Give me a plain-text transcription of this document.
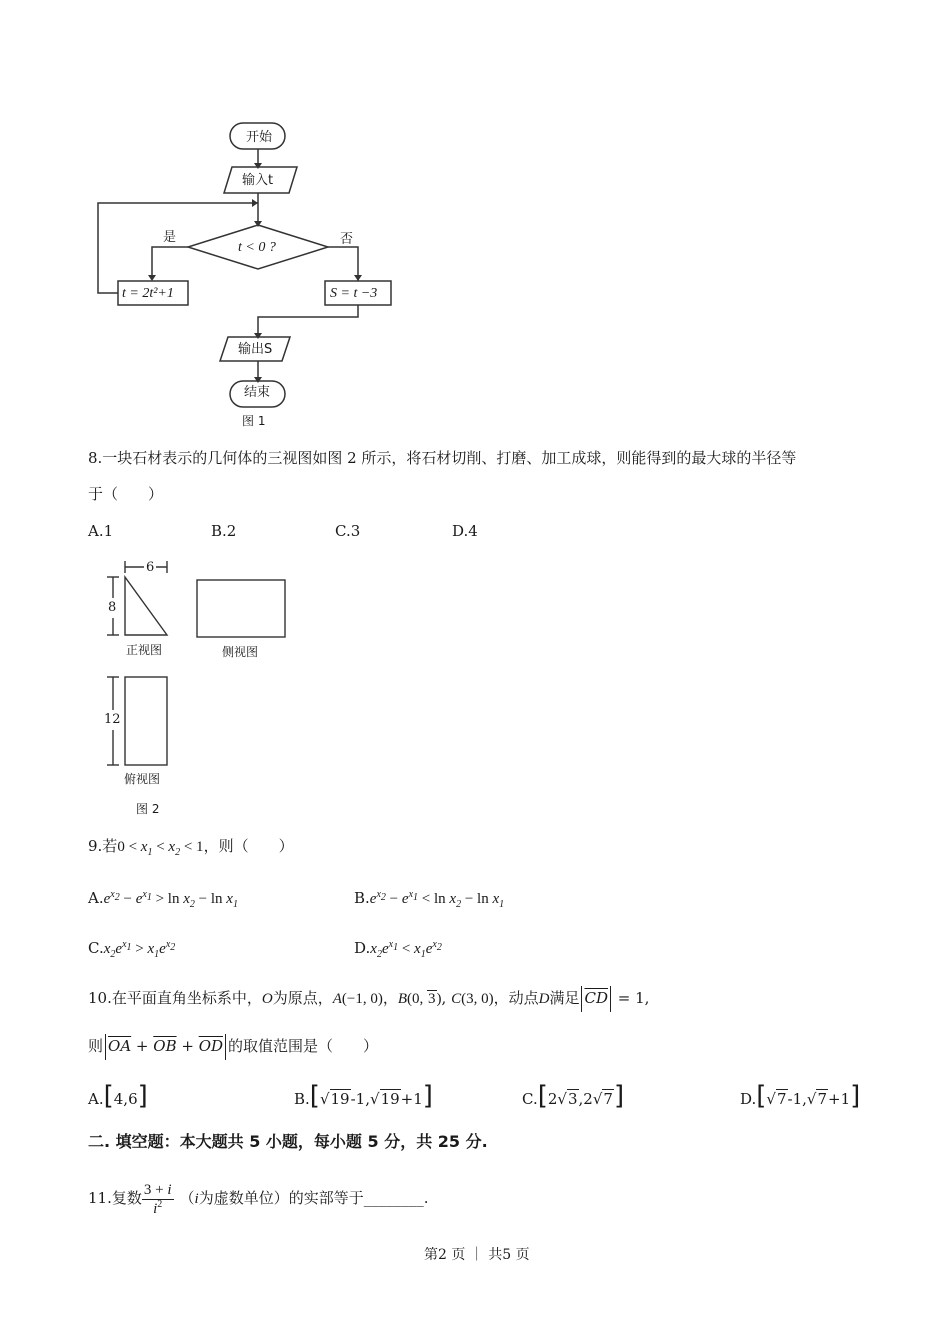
开始
输入t
t < 0 ?
是	否
t = 2t²+1	S = t −3
输出S
结束
图 1
8.一块石材表示的几何体的三视图如图 2 所示，将石材切削、打磨、加工成球，则能得到的最大球的半径等
于（　　）
A.1	B.2	C.3	D.4
6
8
12
正视图	侧视图
俯视图
图 2
9.若$0 < x_1 < x_2 < 1$，则（　　）
$A.e^{x_2} - e^{x_1} > \ln x_2 - \ln x_1$	$B.e^{x_2} - e^{x_1} < \ln x_2 - \ln x_1$
$C.x_2e^{x_1} > x_1e^{x_2}$	$D.x_2e^{x_1} < x_1e^{x_2}$
10.在平面直角坐标系中，O为原点，A(−1, 0)，B(0, 3), C(3, 0)，动点D满足 $\overline{CD} = 1$,
则 $\overline{OA} + \overline{OB} + \overline{OD}$ 的取值范围是（　　）
A.[4,6]	B.[√19-1,√19+1]	C.[2√3,2√7]	D.[√7-1,√7+1]
二. 填空题：本大题共 5 小题，每小题 5 分，共 25 分.
11.复数 $\frac{3 + i}{i^2} (i$为虚数单位）的实部等于________.
第2 页 ｜ 共5 页
